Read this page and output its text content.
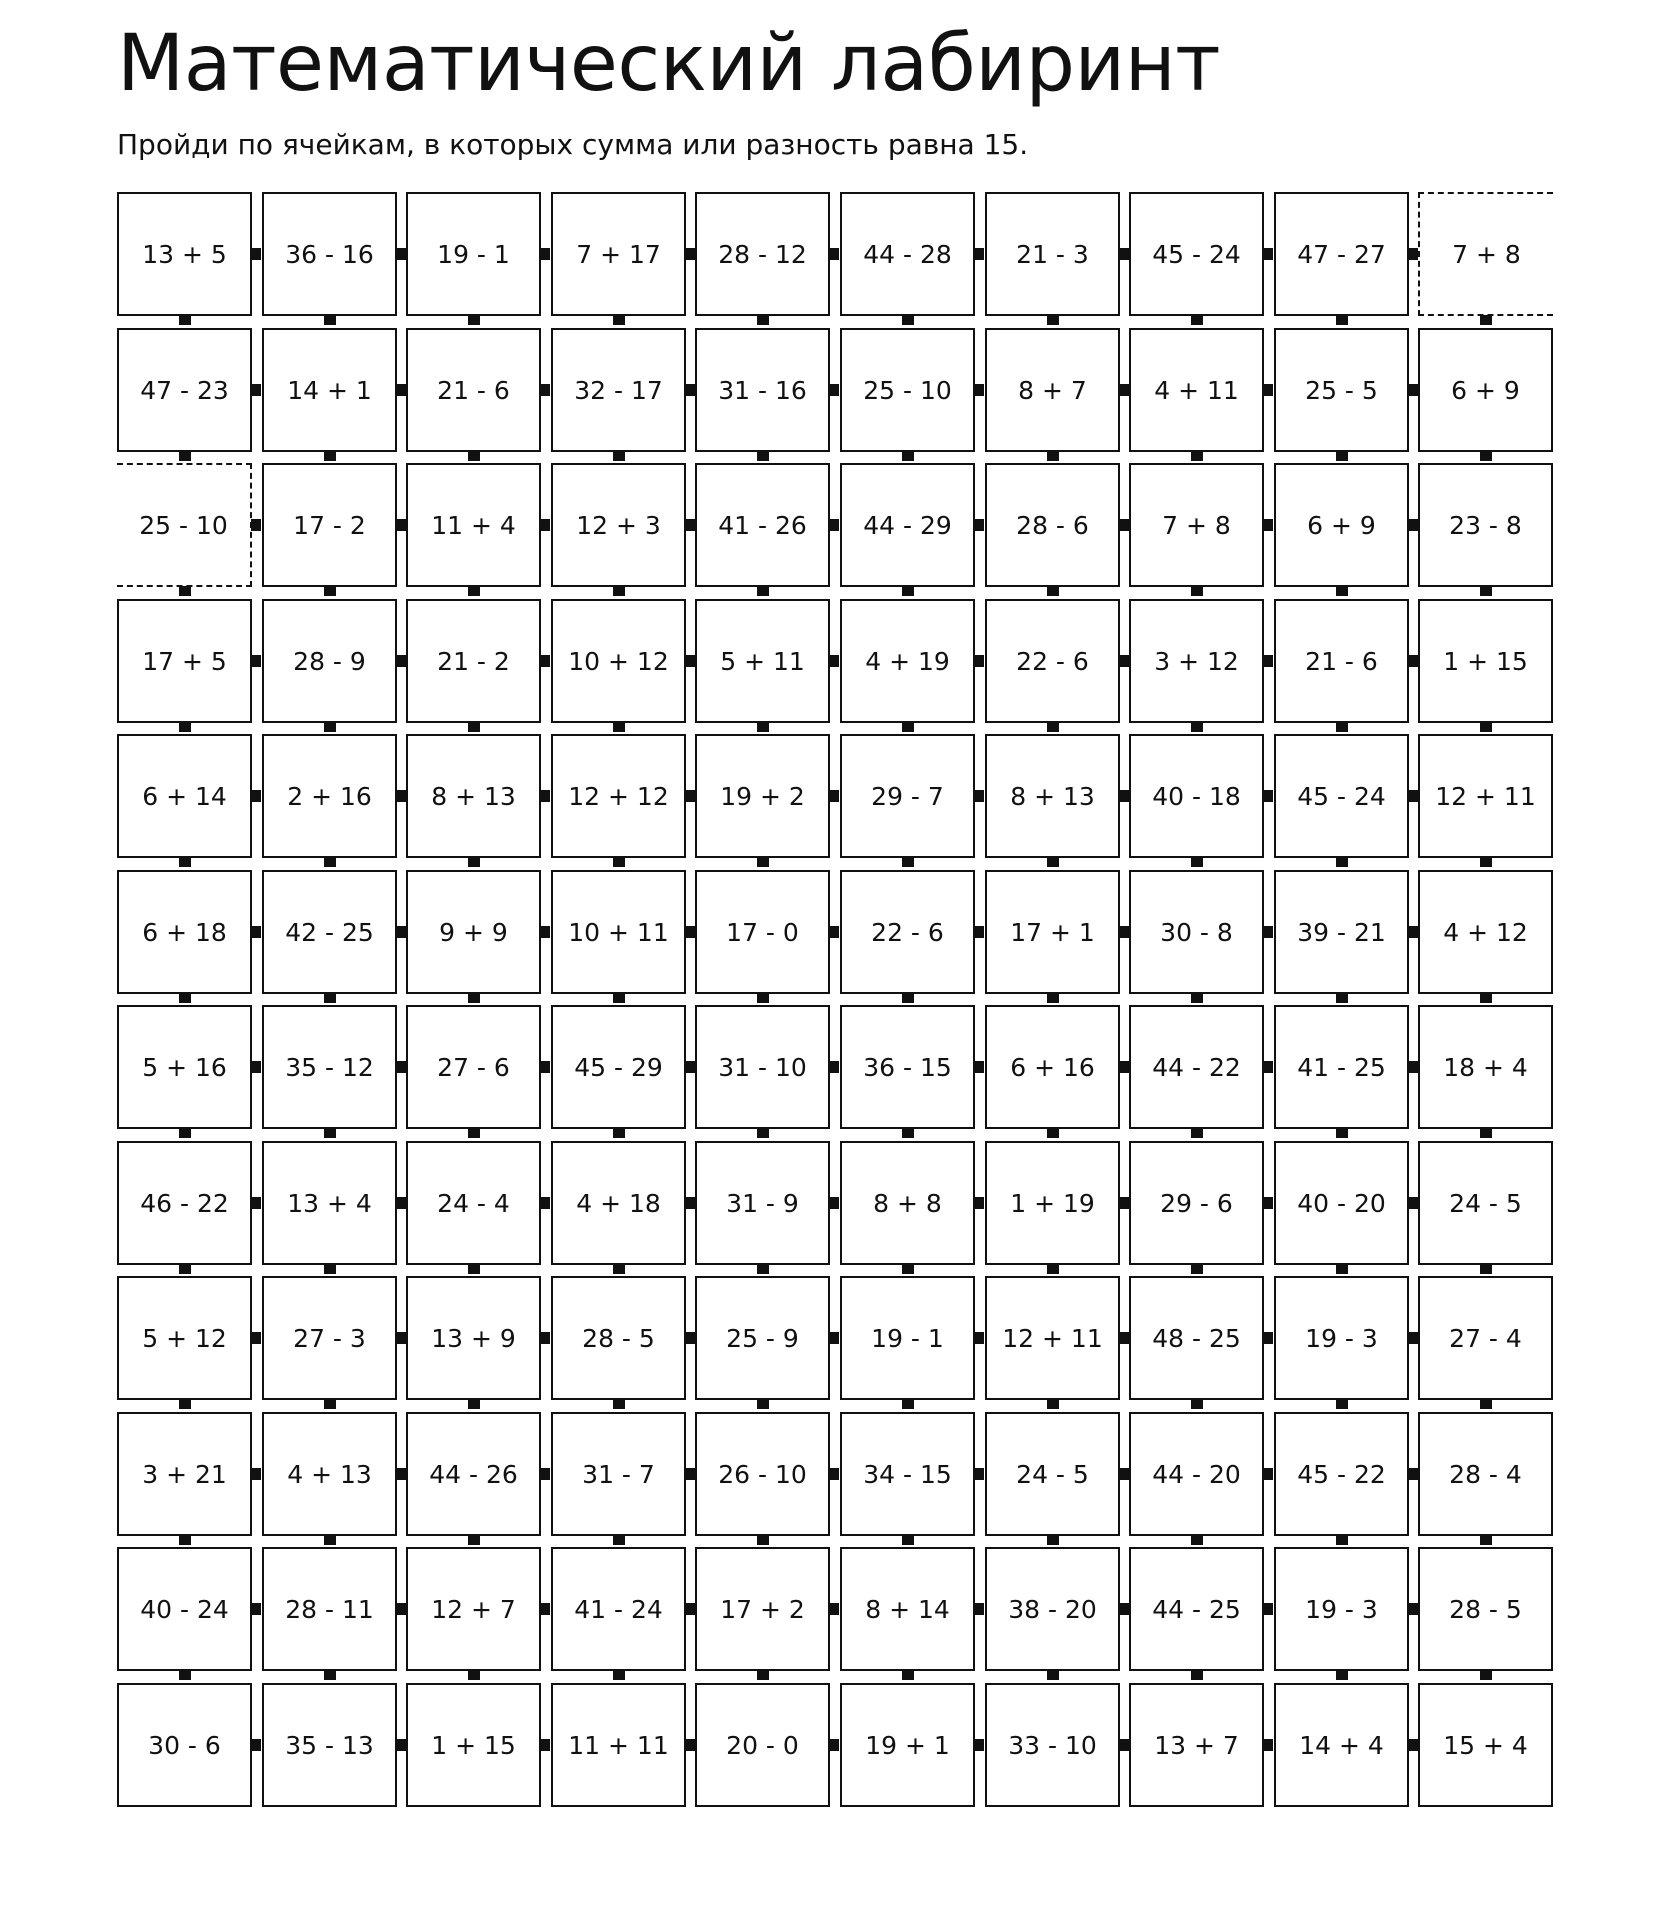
Математический лабиринт

Пройди по ячейкам, в которых сумма или разность равна 15.

13 + 5	36 - 16	19 - 1	7 + 17	28 - 12	44 - 28	21 - 3	45 - 24	47 - 27	7 + 8
47 - 23	14 + 1	21 - 6	32 - 17	31 - 16	25 - 10	8 + 7	4 + 11	25 - 5	6 + 9
25 - 10	17 - 2	11 + 4	12 + 3	41 - 26	44 - 29	28 - 6	7 + 8	6 + 9	23 - 8
17 + 5	28 - 9	21 - 2	10 + 12	5 + 11	4 + 19	22 - 6	3 + 12	21 - 6	1 + 15
6 + 14	2 + 16	8 + 13	12 + 12	19 + 2	29 - 7	8 + 13	40 - 18	45 - 24	12 + 11
6 + 18	42 - 25	9 + 9	10 + 11	17 - 0	22 - 6	17 + 1	30 - 8	39 - 21	4 + 12
5 + 16	35 - 12	27 - 6	45 - 29	31 - 10	36 - 15	6 + 16	44 - 22	41 - 25	18 + 4
46 - 22	13 + 4	24 - 4	4 + 18	31 - 9	8 + 8	1 + 19	29 - 6	40 - 20	24 - 5
5 + 12	27 - 3	13 + 9	28 - 5	25 - 9	19 - 1	12 + 11	48 - 25	19 - 3	27 - 4
3 + 21	4 + 13	44 - 26	31 - 7	26 - 10	34 - 15	24 - 5	44 - 20	45 - 22	28 - 4
40 - 24	28 - 11	12 + 7	41 - 24	17 + 2	8 + 14	38 - 20	44 - 25	19 - 3	28 - 5
30 - 6	35 - 13	1 + 15	11 + 11	20 - 0	19 + 1	33 - 10	13 + 7	14 + 4	15 + 4
